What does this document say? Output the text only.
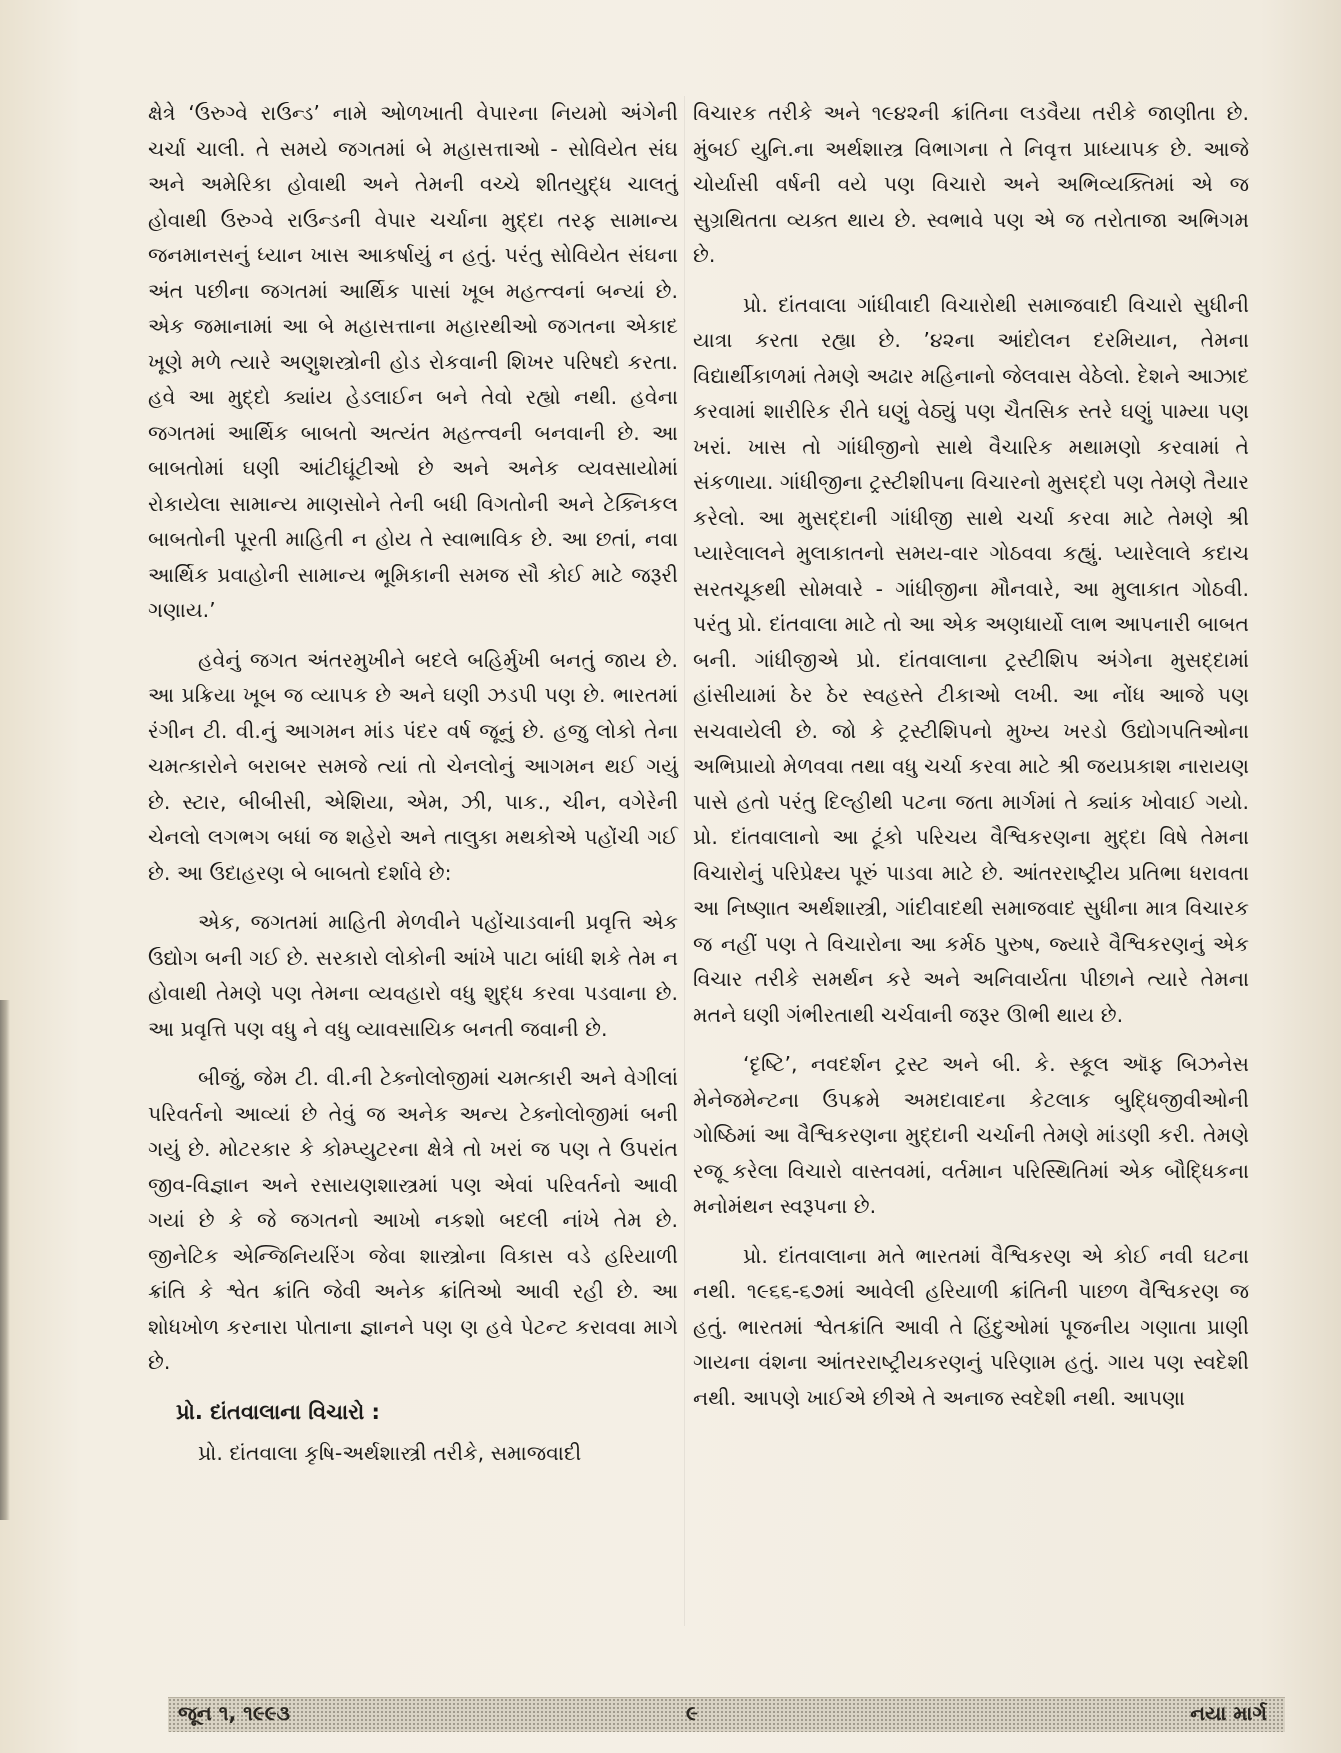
ક્ષેત્રે ‘ઉરુગ્વે રાઉન્ડ’ નામે ઓળખાતી વેપારના નિયમો અંગેની ચર્ચા ચાલી. તે સમયે જગતમાં બે મહાસત્તાઓ - સોવિયેત સંઘ અને અમેરિકા હોવાથી અને તેમની વચ્ચે શીતયુદ્ધ ચાલતું હોવાથી ઉરુગ્વે રાઉન્ડની વેપાર ચર્ચાના મુદ્દા તરફ સામાન્ય જનમાનસનું ધ્યાન ખાસ આકર્ષાયું ન હતું. પરંતુ સોવિયેત સંઘના અંત પછીના જગતમાં આર્થિક પાસાં ખૂબ મહત્ત્વનાં બન્યાં છે. એક જમાનામાં આ બે મહાસત્તાના મહારથીઓ જગતના એકાદ ખૂણે મળે ત્યારે અણુશસ્ત્રોની હોડ રોકવાની શિખર પરિષદો કરતા. હવે આ મુદ્દો ક્યાંય હેડલાઈન બને તેવો રહ્યો નથી. હવેના જગતમાં આર્થિક બાબતો અત્યંત મહત્ત્વની બનવાની છે. આ બાબતોમાં ઘણી આંટીઘૂંટીઓ છે અને અનેક વ્યવસાયોમાં રોકાયેલા સામાન્ય માણસોને તેની બધી વિગતોની અને ટેક્નિકલ બાબતોની પૂરતી માહિતી ન હોય તે સ્વાભાવિક છે. આ છતાં, નવા આર્થિક પ્રવાહોની સામાન્ય ભૂમિકાની સમજ સૌ કોઈ માટે જરૂરી ગણાય.’

હવેનું જગત અંતરમુખીને બદલે બહિર્મુખી બનતું જાય છે. આ પ્રક્રિયા ખૂબ જ વ્યાપક છે અને ઘણી ઝડપી પણ છે. ભારતમાં રંગીન ટી. વી.નું આગમન માંડ પંદર વર્ષ જૂનું છે. હજુ લોકો તેના ચમત્કારોને બરાબર સમજે ત્યાં તો ચેનલોનું આગમન થઈ ગયું છે. સ્ટાર, બીબીસી, એશિયા, એમ, ઝી, પાક., ચીન, વગેરેની ચેનલો લગભગ બધાં જ શહેરો અને તાલુકા મથકોએ પહોંચી ગઈ છે. આ ઉદાહરણ બે બાબતો દર્શાવે છે:

એક, જગતમાં માહિતી મેળવીને પહોંચાડવાની પ્રવૃત્તિ એક ઉદ્યોગ બની ગઈ છે. સરકારો લોકોની આંખે પાટા બાંધી શકે તેમ ન હોવાથી તેમણે પણ તેમના વ્યવહારો વધુ શુદ્ધ કરવા પડવાના છે. આ પ્રવૃત્તિ પણ વધુ ને વધુ વ્યાવસાયિક બનતી જવાની છે.

બીજું, જેમ ટી. વી.ની ટેક્નોલોજીમાં ચમત્કારી અને વેગીલાં પરિવર્તનો આવ્યાં છે તેવું જ અનેક અન્ય ટેક્નોલોજીમાં બની ગયું છે. મોટરકાર કે કોમ્પ્યુટરના ક્ષેત્રે તો ખરાં જ પણ તે ઉપરાંત જીવ-વિજ્ઞાન અને રસાયણશાસ્ત્રમાં પણ એવાં પરિવર્તનો આવી ગયાં છે કે જે જગતનો આખો નકશો બદલી નાંખે તેમ છે. જીનેટિક એન્જિનિયરિંગ જેવા શાસ્ત્રોના વિકાસ વડે હરિયાળી ક્રાંતિ કે શ્વેત ક્રાંતિ જેવી અનેક ક્રાંતિઓ આવી રહી છે. આ શોધખોળ કરનારા પોતાના જ્ઞાનને પણ ણ હવે પેટન્ટ કરાવવા માગે છે.

પ્રો. દાંતવાલાના વિચારો :

પ્રો. દાંતવાલા કૃષિ-અર્થશાસ્ત્રી તરીકે, સમાજવાદી

વિચારક તરીકે અને ૧૯૪૨ની ક્રાંતિના લડવૈયા તરીકે જાણીતા છે. મુંબઈ યુનિ.ના અર્થશાસ્ત્ર વિભાગના તે નિવૃત્ત પ્રાધ્યાપક છે. આજે ચોર્યાસી વર્ષની વયે પણ વિચારો અને અભિવ્યક્તિમાં એ જ સુગ્રથિતતા વ્યક્ત થાય છે. સ્વભાવે પણ એ જ તરોતાજા અભિગમ છે.

પ્રો. દાંતવાલા ગાંધીવાદી વિચારોથી સમાજવાદી વિચારો સુધીની યાત્રા કરતા રહ્યા છે. ’૪૨ના આંદોલન દરમિયાન, તેમના વિદ્યાર્થીકાળમાં તેમણે અઢાર મહિનાનો જેલવાસ વેઠેલો. દેશને આઝાદ કરવામાં શારીરિક રીતે ઘણું વેઠ્યું પણ ચૈતસિક સ્તરે ઘણું પામ્યા પણ ખરાં. ખાસ તો ગાંધીજીનો સાથે વૈચારિક મથામણો કરવામાં તે સંકળાયા. ગાંધીજીના ટ્રસ્ટીશીપના વિચારનો મુસદ્દો પણ તેમણે તૈયાર કરેલો. આ મુસદ્દાની ગાંધીજી સાથે ચર્ચા કરવા માટે તેમણે શ્રી પ્યારેલાલને મુલાકાતનો સમય-વાર ગોઠવવા કહ્યું. પ્યારેલાલે કદાચ સરતચૂકથી સોમવારે - ગાંધીજીના મૌનવારે, આ મુલાકાત ગોઠવી. પરંતુ પ્રો. દાંતવાલા માટે તો આ એક અણધાર્યો લાભ આપનારી બાબત બની. ગાંધીજીએ પ્રો. દાંતવાલાના ટ્રસ્ટીશિપ અંગેના મુસદ્દામાં હાંસીયામાં ઠેર ઠેર સ્વહસ્તે ટીકાઓ લખી. આ નોંધ આજે પણ સચવાયેલી છે. જો કે ટ્રસ્ટીશિપનો મુખ્ય ખરડો ઉદ્યોગપતિઓના અભિપ્રાયો મેળવવા તથા વધુ ચર્ચા કરવા માટે શ્રી જયપ્રકાશ નારાયણ પાસે હતો પરંતુ દિલ્હીથી પટના જતા માર્ગમાં તે ક્યાંક ખોવાઈ ગયો. પ્રો. દાંતવાલાનો આ ટૂંકો પરિચય વૈશ્વિકરણના મુદ્દા વિષે તેમના વિચારોનું પરિપ્રેક્ષ્ય પૂરું પાડવા માટે છે. આંતરરાષ્ટ્રીય પ્રતિભા ધરાવતા આ નિષ્ણાત અર્થશાસ્ત્રી, ગાંદીવાદથી સમાજવાદ સુધીના માત્ર વિચારક જ નહીં પણ તે વિચારોના આ કર્મઠ પુરુષ, જ્યારે વૈશ્વિકરણનું એક વિચાર તરીકે સમર્થન કરે અને અનિવાર્યતા પીછાને ત્યારે તેમના મતને ઘણી ગંભીરતાથી ચર્ચવાની જરૂર ઊભી થાય છે.

‘દૃષ્ટિ’, નવદર્શન ટ્રસ્ટ અને બી. કે. સ્કૂલ ઑફ બિઝનેસ મેનેજમેન્ટના ઉપક્રમે અમદાવાદના કેટલાક બુદ્ધિજીવીઓની ગોષ્ઠિમાં આ વૈશ્વિકરણના મુદ્દાની ચર્ચાની તેમણે માંડણી કરી. તેમણે રજૂ કરેલા વિચારો વાસ્તવમાં, વર્તમાન પરિસ્થિતિમાં એક બૌદ્ધિકના મનોમંથન સ્વરૂપના છે.

પ્રો. દાંતવાલાના મતે ભારતમાં વૈશ્વિકરણ એ કોઈ નવી ઘટના નથી. ૧૯૬૬-૬૭માં આવેલી હરિયાળી ક્રાંતિની પાછળ વૈશ્વિકરણ જ હતું. ભારતમાં શ્વેતક્રાંતિ આવી તે હિંદુઓમાં પૂજનીય ગણાતા પ્રાણી ગાયના વંશના આંતરરાષ્ટ્રીયકરણનું પરિણામ હતું. ગાય પણ સ્વદેશી નથી. આપણે ખાઈએ છીએ તે અનાજ સ્વદેશી નથી. આપણા

જૂન ૧, ૧૯૯૩	૯	નયા માર્ગ
